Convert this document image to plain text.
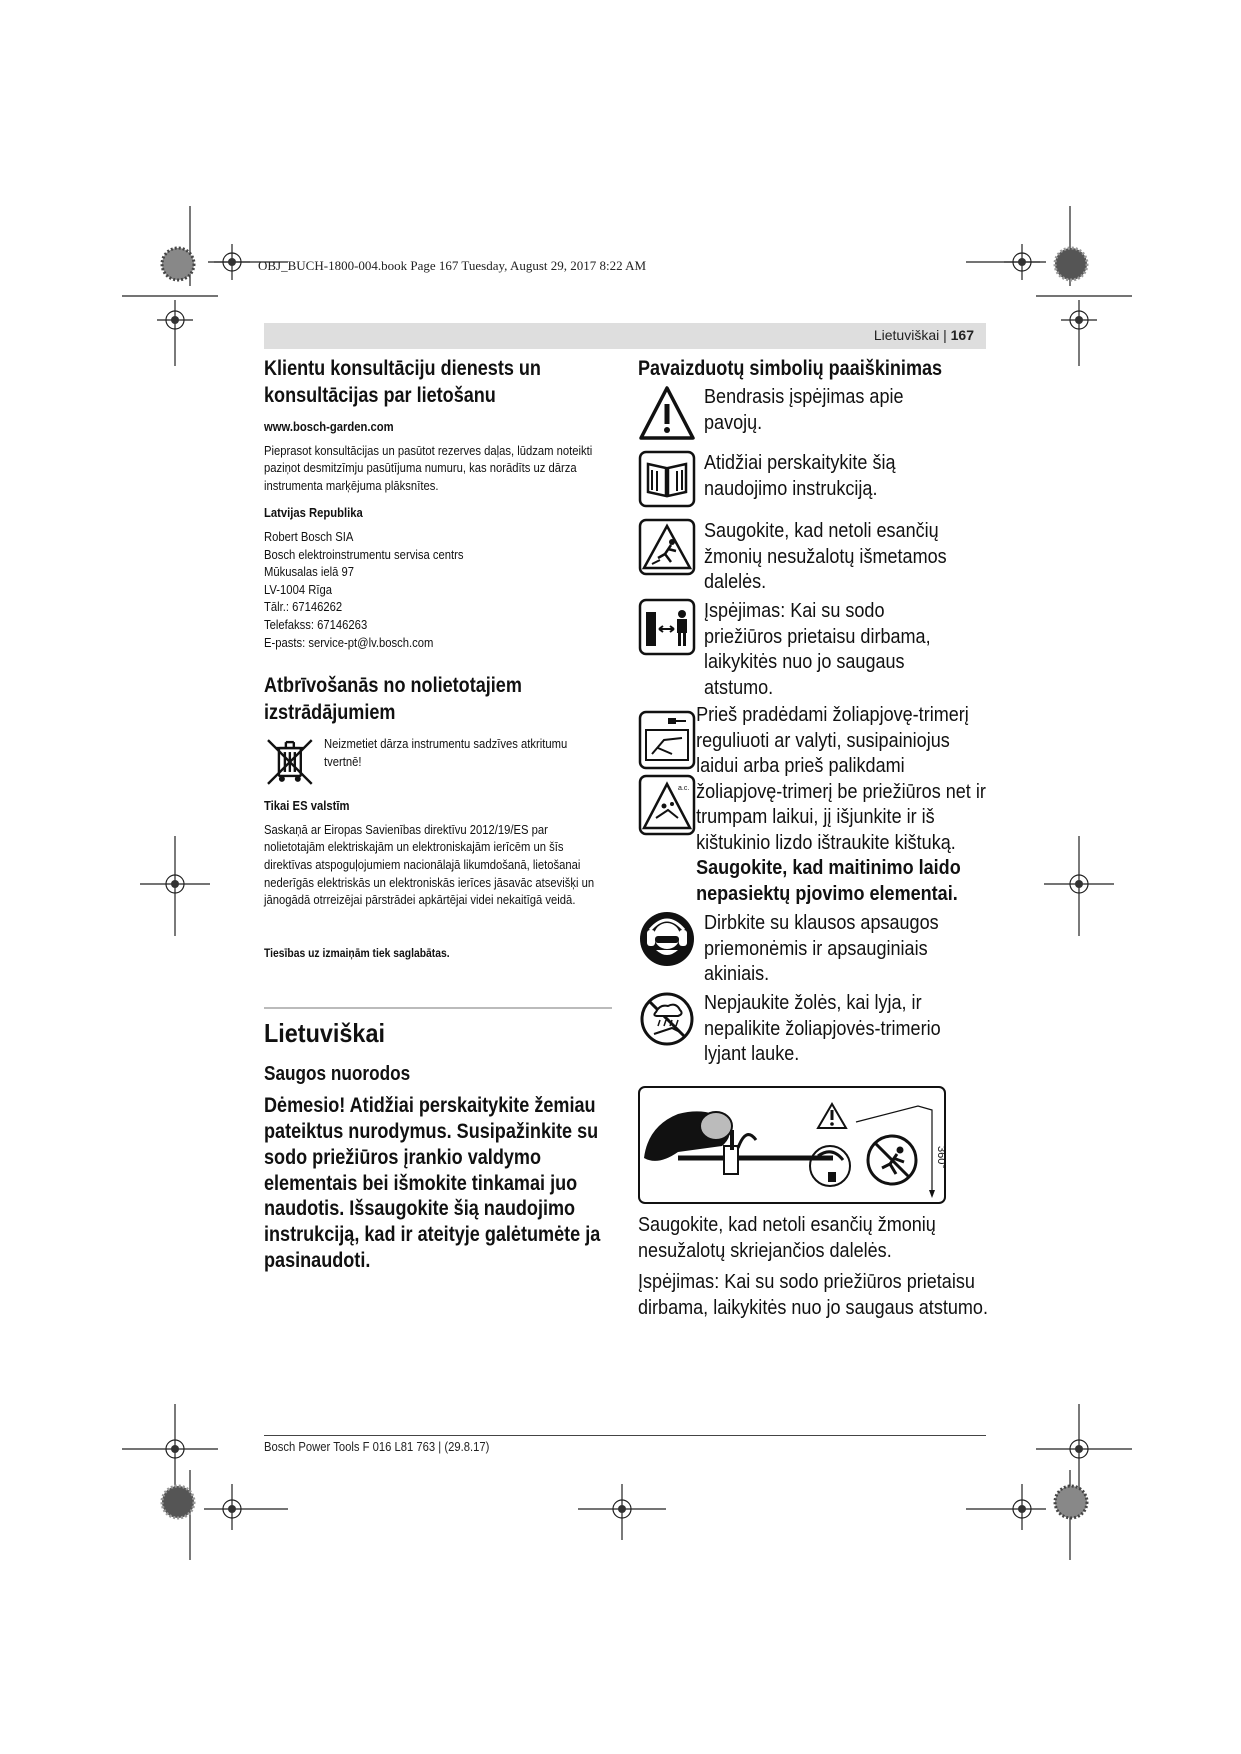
OBJ_BUCH-1800-004.book Page 167 Tuesday, August 29, 2017 8:22 AM
Lietuviškai | 167
Klientu konsultāciju dienests un konsultācijas par lietošanu

www.bosch-garden.com

Pieprasot konsultācijas un pasūtot rezerves daļas, lūdzam noteikti paziņot desmitzīmju pasūtījuma numuru, kas norādīts uz dārza instrumenta marķējuma plāksnītes.

Latvijas Republika

Robert Bosch SIA

Bosch elektroinstrumentu servisa centrs

Mūkusalas ielā 97

LV-1004 Rīga

Tālr.: 67146262

Telefakss: 67146263

E-pasts: service-pt@lv.bosch.com

Atbrīvošanās no nolietotajiem izstrādājumiem

Neizmetiet dārza instrumentu sadzīves atkritumu tvertnē!

Tikai ES valstīm

Saskaņā ar Eiropas Savienības direktīvu 2012/19/ES par nolietotajām elektriskajām un elektroniskajām ierīcēm un šīs direktīvas atspoguļojumiem nacionālajā likumdošanā, lietošanai nederīgās elektriskās un elektroniskās ierīces jāsavāc atsevišķi un jānogādā otrreizējai pārstrādei apkārtējai videi nekaitīgā veidā.

Tiesības uz izmaiņām tiek saglabātas.

Lietuviškai
Saugos nuorodos

Dėmesio! Atidžiai perskaitykite žemiau pateiktus nurodymus. Susipažinkite su sodo priežiūros įrankio valdymo elementais bei išmokite tinkamai juo naudotis. Išsaugokite šią naudojimo instrukciją, kad ir ateityje galėtumėte ja pasinaudoti.

Pavaizduotų simbolių paaiškinimas

Bendrasis įspėjimas apie pavojų.

Atidžiai perskaitykite šią naudojimo instrukciją.

Saugokite, kad netoli esančių žmonių nesužalotų išmetamos dalelės.

Įspėjimas: Kai su sodo priežiūros prietaisu dirbama, laikykitės nuo jo saugaus atstumo.

a.c.

Prieš pradėdami žoliapjovę-trimerį reguliuoti ar valyti, susipainiojus laidui arba prieš palikdami žoliapjovę-trimerį be priežiūros net ir trumpam laikui, jį išjunkite ir iš kištukinio lizdo ištraukite kištuką. Saugokite, kad maitinimo laido nepasiektų pjovimo elementai.

Dirbkite su klausos apsaugos priemonėmis ir apsauginiais akiniais.

Nepjaukite žolės, kai lyja, ir nepalikite žoliapjovės-trimerio lyjant lauke.

360°

Saugokite, kad netoli esančių žmonių nesužalotų skriejančios dalelės.

Įspėjimas: Kai su sodo priežiūros prietaisu dirbama, laikykitės nuo jo saugaus atstumo.

Bosch Power Tools F 016 L81 763 | (29.8.17)
